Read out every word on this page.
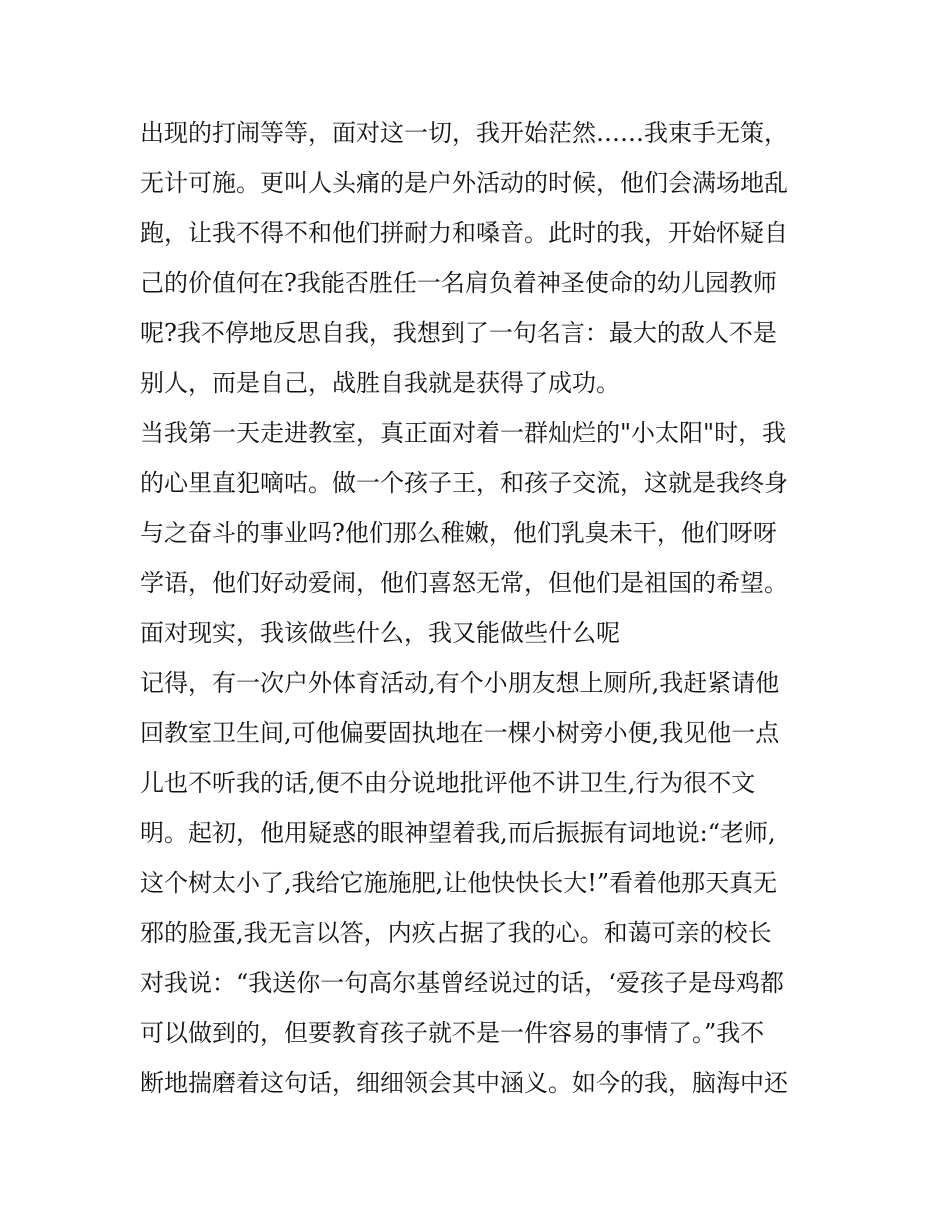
出现的打闹等等，面对这一切，我开始茫然……我束手无策，
无计可施。更叫人头痛的是户外活动的时候，他们会满场地乱
跑，让我不得不和他们拼耐力和嗓音。此时的我，开始怀疑自
己的价值何在?我能否胜任一名肩负着神圣使命的幼儿园教师
呢?我不停地反思自我，我想到了一句名言：最大的敌人不是
别人，而是自己，战胜自我就是获得了成功。
当我第一天走进教室，真正面对着一群灿烂的"小太阳"时，我
的心里直犯嘀咕。做一个孩子王，和孩子交流，这就是我终身
与之奋斗的事业吗?他们那么稚嫩，他们乳臭未干，他们呀呀
学语，他们好动爱闹，他们喜怒无常，但他们是祖国的希望。
面对现实，我该做些什么，我又能做些什么呢
记得，有一次户外体育活动,有个小朋友想上厕所,我赶紧请他
回教室卫生间,可他偏要固执地在一棵小树旁小便,我见他一点
儿也不听我的话,便不由分说地批评他不讲卫生,行为很不文
明。起初，他用疑惑的眼神望着我,而后振振有词地说:“老师,
这个树太小了,我给它施施肥,让他快快长大!”看着他那天真无
邪的脸蛋,我无言以答，内疚占据了我的心。和蔼可亲的校长
对我说：“我送你一句高尔基曾经说过的话，‘爱孩子是母鸡都
可以做到的，但要教育孩子就不是一件容易的事情了。”我不
断地揣磨着这句话，细细领会其中涵义。如今的我，脑海中还
